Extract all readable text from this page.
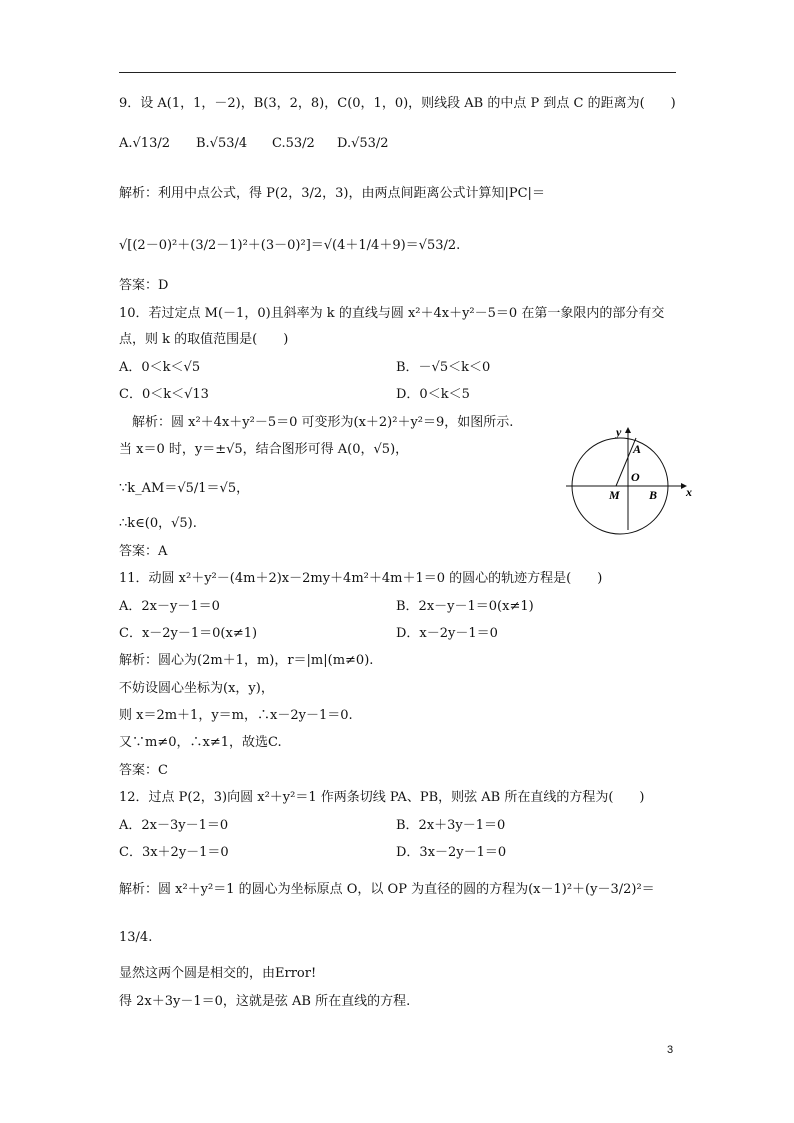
9．设 A(1，1，－2)，B(3，2，8)，C(0，1，0)，则线段 AB 的中点 P 到点 C 的距离为(　　)
A.√13/2 B.√53/4 C.53/2 D.√53/2
解析：利用中点公式，得 P(2，3/2，3)，由两点间距离公式计算知|PC|＝
√[(2－0)²＋(3/2－1)²＋(3－0)²]＝√(4＋1/4＋9)＝√53/2.
答案：D
10．若过定点 M(－1，0)且斜率为 k 的直线与圆 x²＋4x＋y²－5＝0 在第一象限内的部分有交
点，则 k 的取值范围是(　　)
A．0＜k＜√5	B．－√5＜k＜0
C．0＜k＜√13	D．0＜k＜5
解析：圆 x²＋4x＋y²－5＝0 可变形为(x＋2)²＋y²＝9，如图所示.
当 x＝0 时，y＝±√5，结合图形可得 A(0，√5)，
∵k_AM＝√5/1＝√5，
∴k∈(0，√5).
答案：A
y
A
O
M B x
11．动圆 x²＋y²－(4m＋2)x－2my＋4m²＋4m＋1＝0 的圆心的轨迹方程是(　　)
A．2x－y－1＝0	B．2x－y－1＝0(x≠1)
C．x－2y－1＝0(x≠1)	D．x－2y－1＝0
解析：圆心为(2m＋1，m)，r＝|m|(m≠0).
不妨设圆心坐标为(x，y)，
则 x＝2m＋1，y＝m，∴x－2y－1＝0.
又∵m≠0，∴x≠1，故选C.
答案：C
12．过点 P(2，3)向圆 x²＋y²＝1 作两条切线 PA、PB，则弦 AB 所在直线的方程为(　　)
A．2x－3y－1＝0	B．2x＋3y－1＝0
C．3x＋2y－1＝0	D．3x－2y－1＝0
解析：圆 x²＋y²＝1 的圆心为坐标原点 O，以 OP 为直径的圆的方程为(x－1)²＋(y－3/2)²＝
13/4.
显然这两个圆是相交的，由Error!
得 2x＋3y－1＝0，这就是弦 AB 所在直线的方程.
3
